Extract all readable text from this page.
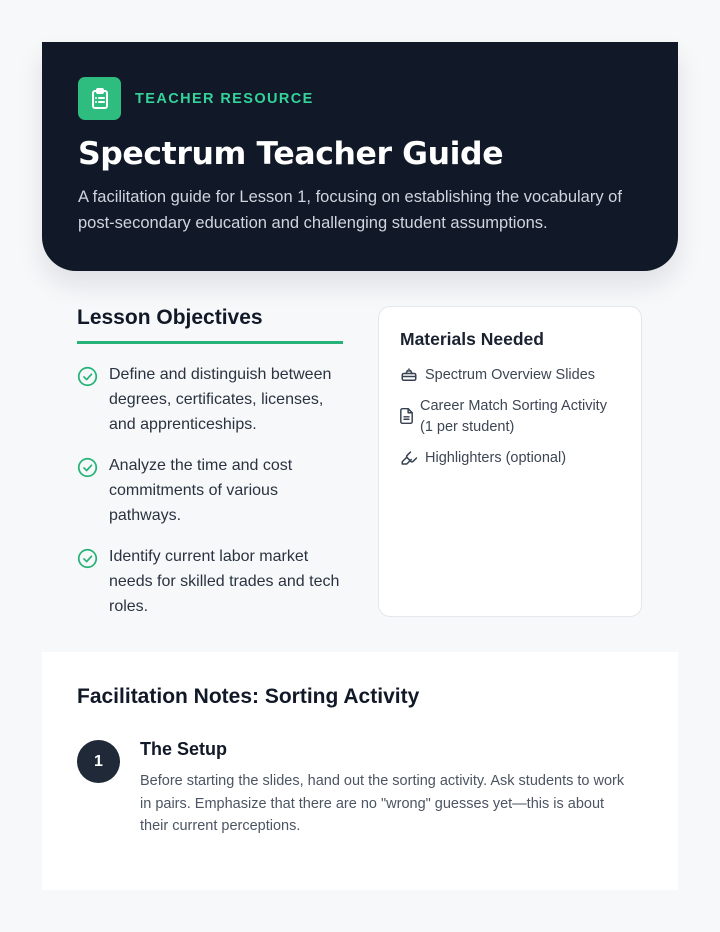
TEACHER RESOURCE
Spectrum Teacher Guide

A facilitation guide for Lesson 1, focusing on establishing the vocabulary of post-secondary education and challenging student assumptions.

Lesson Objectives
Define and distinguish between degrees, certificates, licenses, and apprenticeships.
Analyze the time and cost commitments of various pathways.
Identify current labor market needs for skilled trades and tech roles.
Materials Needed
Spectrum Overview Slides
Career Match Sorting Activity (1 per student)
Highlighters (optional)
Facilitation Notes: Sorting Activity
1
The Setup

Before starting the slides, hand out the sorting activity. Ask students to work in pairs. Emphasize that there are no "wrong" guesses yet—this is about their current perceptions.
